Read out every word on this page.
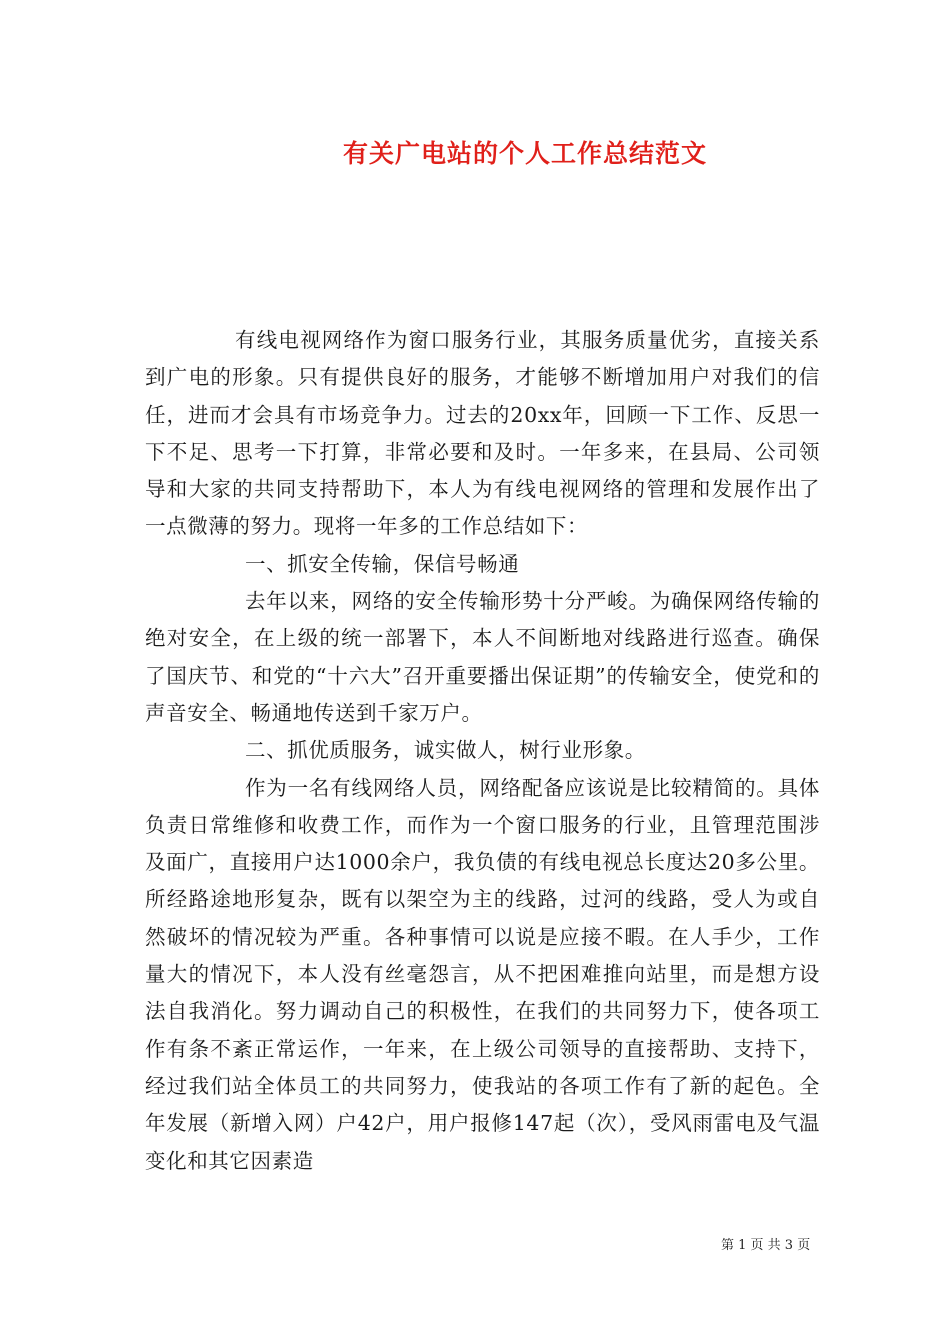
有关广电站的个人工作总结范文

有线电视网络作为窗口服务行业，其服务质量优劣，直接关系到广电的形象。只有提供良好的服务，才能够不断增加用户对我们的信任，进而才会具有市场竞争力。过去的20xx年，回顾一下工作、反思一下不足、思考一下打算，非常必要和及时。一年多来，在县局、公司领导和大家的共同支持帮助下，本人为有线电视网络的管理和发展作出了一点微薄的努力。现将一年多的工作总结如下：

一、抓安全传输，保信号畅通

去年以来，网络的安全传输形势十分严峻。为确保网络传输的绝对安全，在上级的统一部署下，本人不间断地对线路进行巡查。确保了国庆节、和党的“十六大”召开重要播出保证期”的传输安全，使党和的声音安全、畅通地传送到千家万户。

二、抓优质服务，诚实做人，树行业形象。

作为一名有线网络人员，网络配备应该说是比较精简的。具体负责日常维修和收费工作，而作为一个窗口服务的行业，且管理范围涉及面广，直接用户达1000余户，我负债的有线电视总长度达20多公里。所经路途地形复杂，既有以架空为主的线路，过河的线路，受人为或自然破坏的情况较为严重。各种事情可以说是应接不暇。在人手少，工作量大的情况下，本人没有丝毫怨言，从不把困难推向站里，而是想方设法自我消化。努力调动自己的积极性，在我们的共同努力下，使各项工作有条不紊正常运作，一年来，在上级公司领导的直接帮助、支持下，经过我们站全体员工的共同努力，使我站的各项工作有了新的起色。全年发展（新增入网）户42户，用户报修147起（次），受风雨雷电及气温变化和其它因素造

第 1 页 共 3 页
